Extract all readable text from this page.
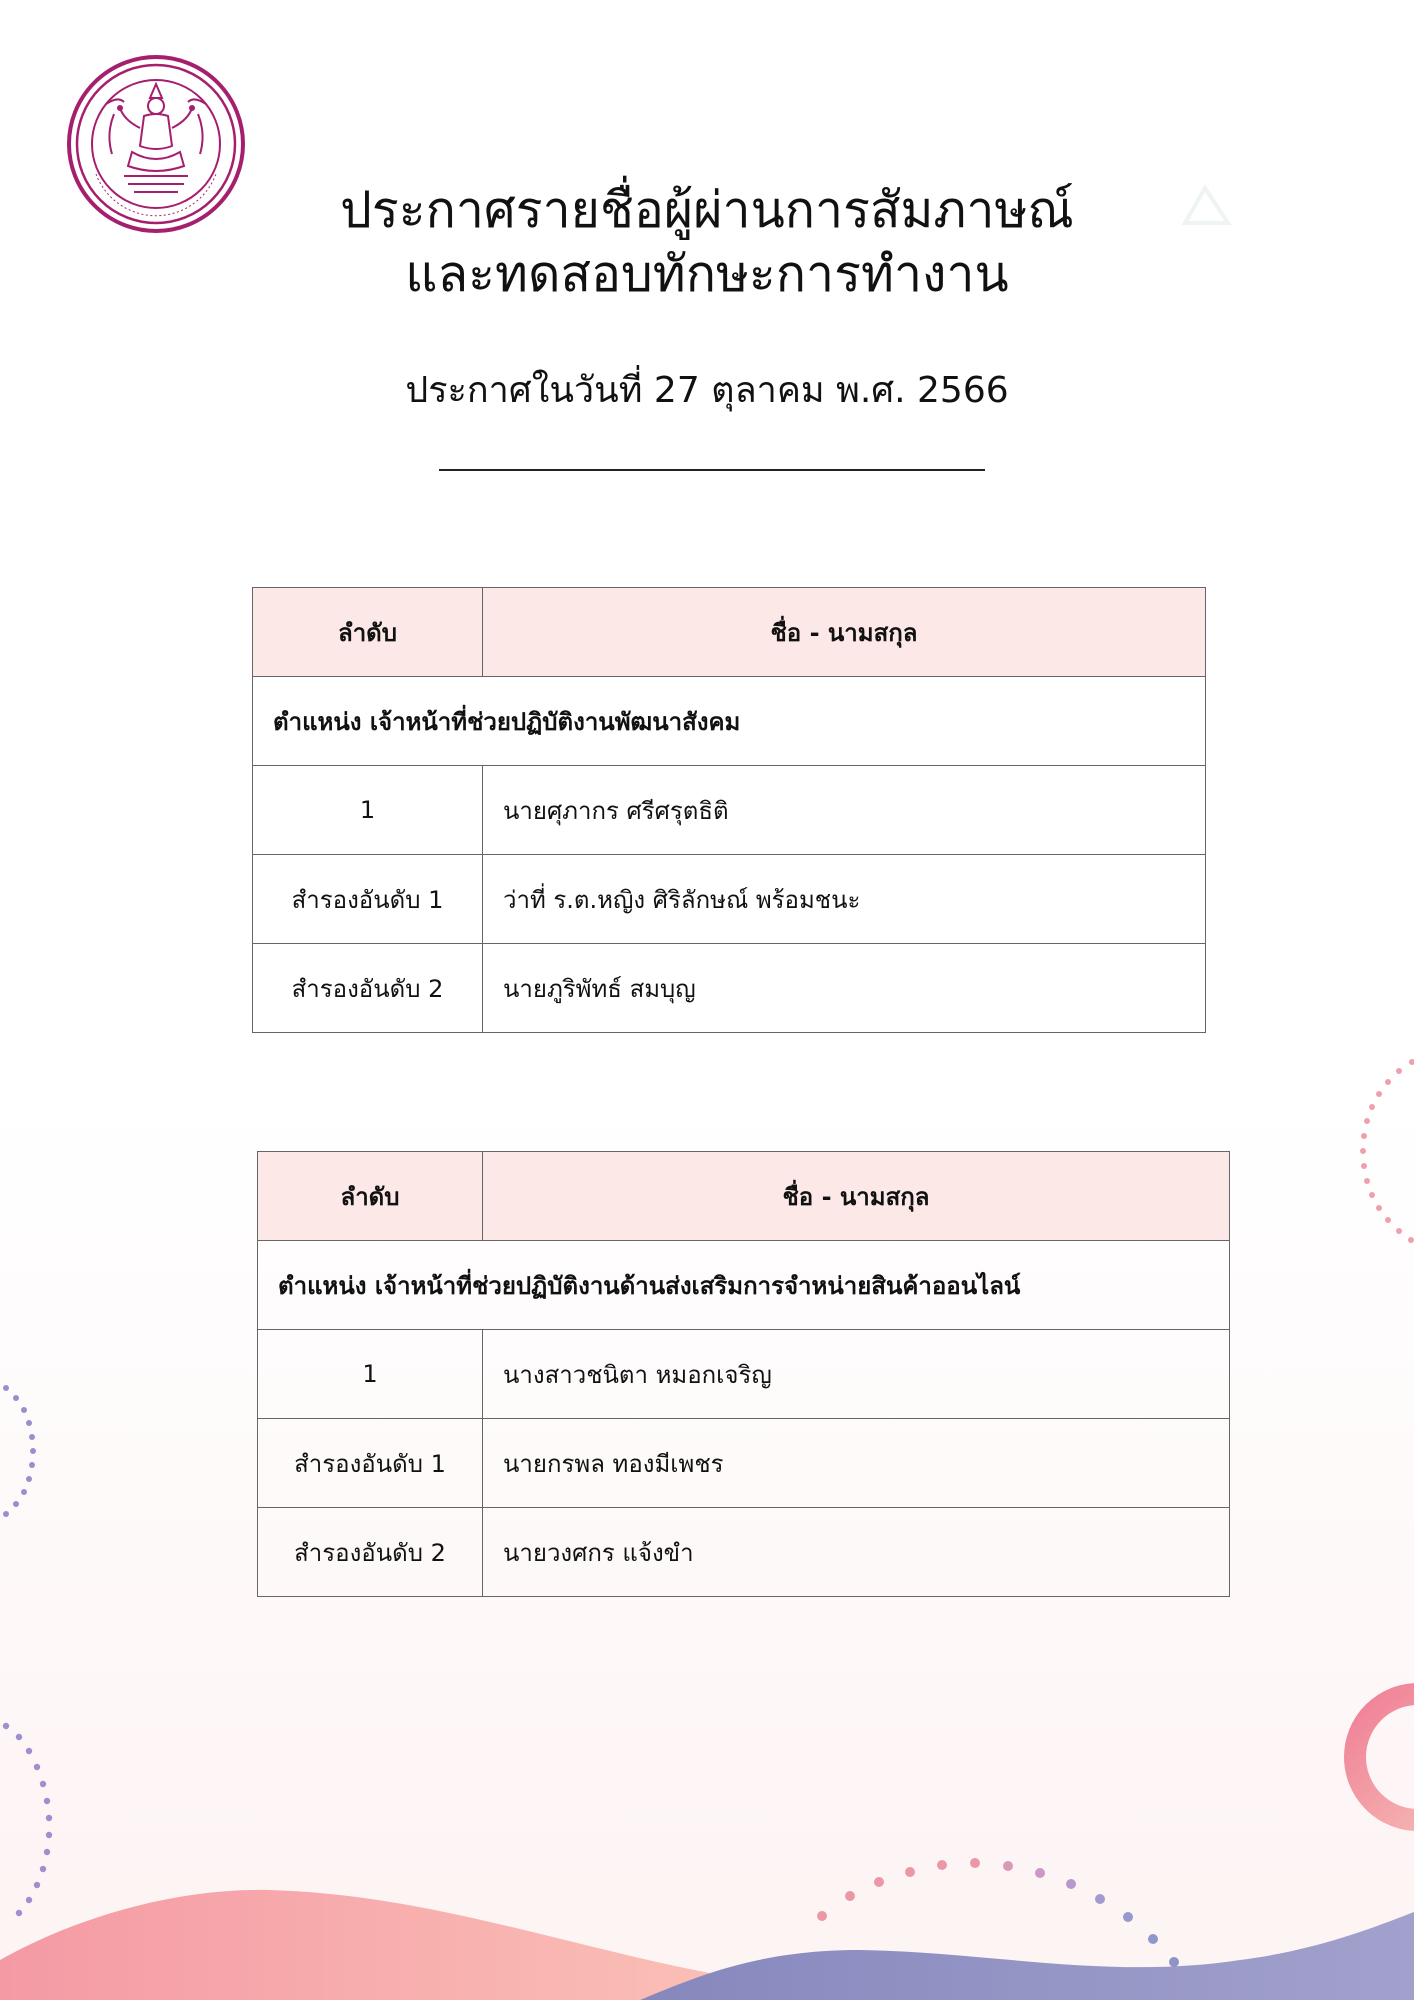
ประกาศรายชื่อผู้ผ่านการสัมภาษณ์
และทดสอบทักษะการทำงาน
ประกาศในวันที่ 27 ตุลาคม พ.ศ. 2566
ลำดับ	ชื่อ - นามสกุล
ตำแหน่ง เจ้าหน้าที่ช่วยปฏิบัติงานพัฒนาสังคม	
1	นายศุภากร ศรีศรุตธิติ
สำรองอันดับ 1	ว่าที่ ร.ต.หญิง ศิริลักษณ์ พร้อมชนะ
สำรองอันดับ 2	นายภูริพัทธ์ สมบุญ
ลำดับ	ชื่อ - นามสกุล
ตำแหน่ง เจ้าหน้าที่ช่วยปฏิบัติงานด้านส่งเสริมการจำหน่ายสินค้าออนไลน์	
1	นางสาวชนิตา หมอกเจริญ
สำรองอันดับ 1	นายกรพล ทองมีเพชร
สำรองอันดับ 2	นายวงศกร แจ้งขำ
